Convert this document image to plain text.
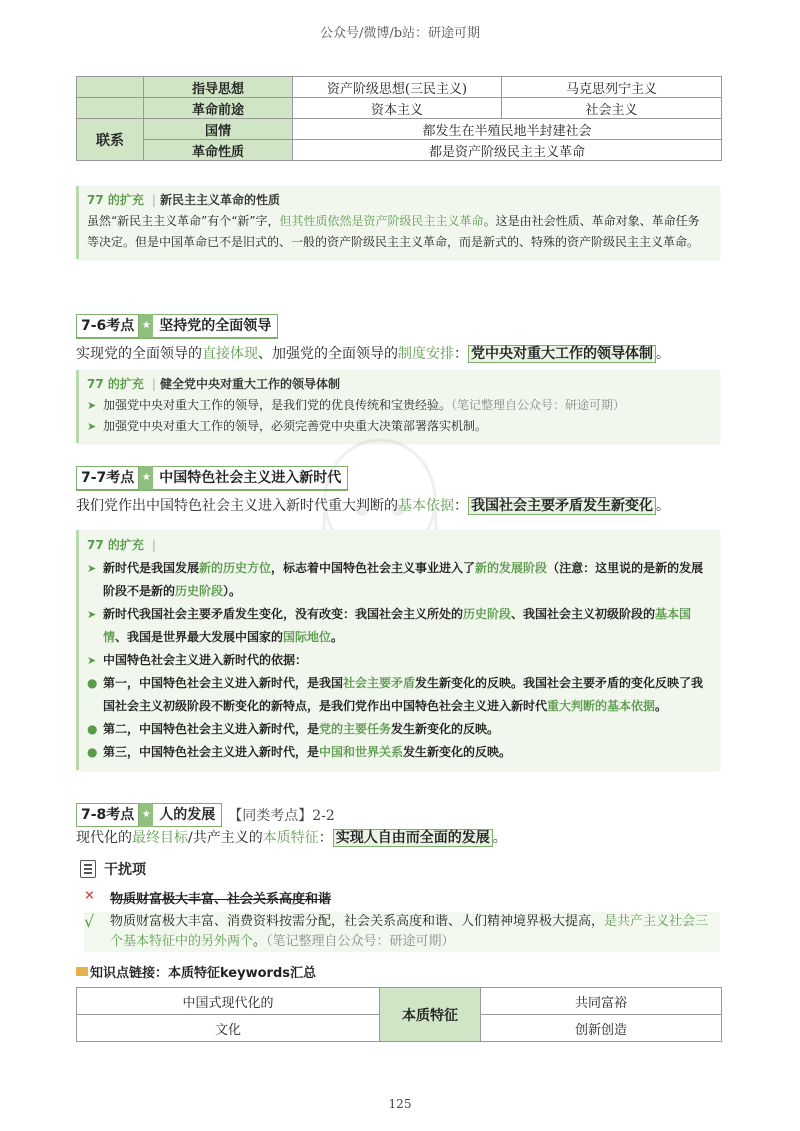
公众号/微博/b站：研途可期
	指导思想	资产阶级思想(三民主义)	马克思列宁主义
	革命前途	资本主义	社会主义
联系	国情	都发生在半殖民地半封建社会	
	革命性质	都是资产阶级民主主义革命	
77 的扩充 | 新民主主义革命的性质

虽然“新民主主义革命”有个“新”字，但其性质依然是资产阶级民主主义革命。这是由社会性质、革命对象、革命任务等决定。但是中国革命已不是旧式的、一般的资产阶级民主主义革命，而是新式的、特殊的资产阶级民主主义革命。

7-6考点 ★ 坚持党的全面领导
实现党的全面领导的直接体现、加强党的全面领导的制度安排： 党中央对重大工作的领导体制 。
77 的扩充 | 健全党中央对重大工作的领导体制
➤ 加强党中央对重大工作的领导，是我们党的优良传统和宝贵经验。（笔记整理自公众号：研途可期）
➤ 加强党中央对重大工作的领导，必须完善党中央重大决策部署落实机制。
7-7考点 ★ 中国特色社会主义进入新时代
我们党作出中国特色社会主义进入新时代重大判断的基本依据： 我国社会主要矛盾发生新变化 。
77 的扩充 |
➤ 新时代是我国发展新的历史方位，标志着中国特色社会主义事业进入了新的发展阶段（注意：这里说的是新的发展阶段不是新的历史阶段）。
➤ 新时代我国社会主要矛盾发生变化，没有改变：我国社会主义所处的历史阶段、我国社会主义初级阶段的基本国情、我国是世界最大发展中国家的国际地位。
➤ 中国特色社会主义进入新时代的依据：
● 第一，中国特色社会主义进入新时代，是我国社会主要矛盾发生新变化的反映。我国社会主要矛盾的变化反映了我国社会主义初级阶段不断变化的新特点，是我们党作出中国特色社会主义进入新时代重大判断的基本依据。
● 第二，中国特色社会主义进入新时代，是党的主要任务发生新变化的反映。
● 第三，中国特色社会主义进入新时代，是中国和世界关系发生新变化的反映。
7-8考点 ★ 人的发展 【同类考点】2-2
现代化的最终目标/共产主义的本质特征： 实现人自由而全面的发展 。
干扰项
×	物质财富极大丰富、社会关系高度和谐
√	物质财富极大丰富、消费资料按需分配，社会关系高度和谐、人们精神境界极大提高，是共产主义社会三个基本特征中的另外两个。（笔记整理自公众号：研途可期）
知识点链接：本质特征keywords汇总
中国式现代化的	本质特征	共同富裕
文化		创新创造
125
